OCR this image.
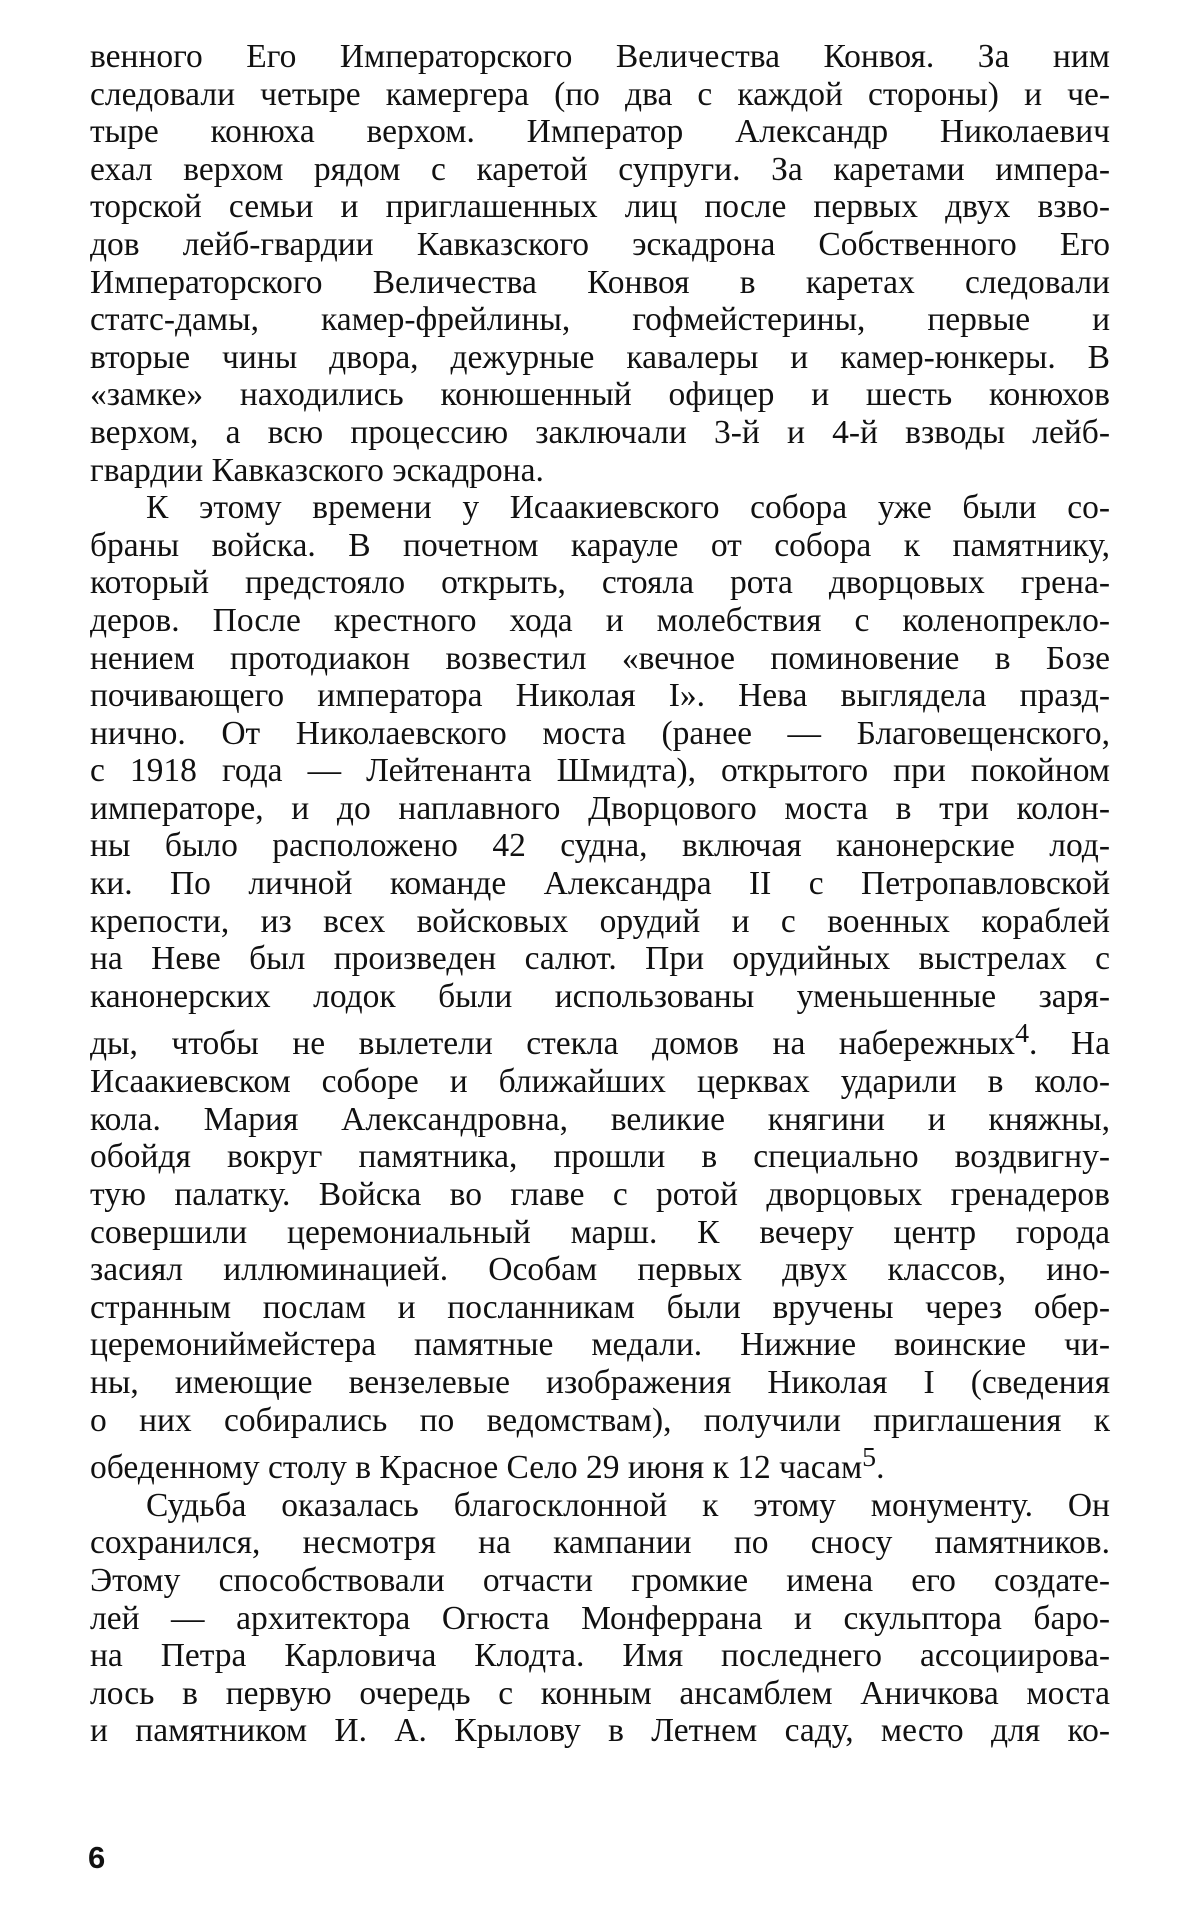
венного Его Императорского Величества Конвоя. За ним

следовали четыре камергера (по два с каждой стороны) и че-

тыре конюха верхом. Император Александр Николаевич

ехал верхом рядом с каретой супруги. За каретами импера-

торской семьи и приглашенных лиц после первых двух взво-

дов лейб-гвардии Кавказского эскадрона Собственного Его

Императорского Величества Конвоя в каретах следовали

статс-дамы, камер-фрейлины, гофмейстерины, первые и

вторые чины двора, дежурные кавалеры и камер-юнкеры. В

«замке» находились конюшенный офицер и шесть конюхов

верхом, а всю процессию заключали 3-й и 4-й взводы лейб-

гвардии Кавказского эскадрона.

К этому времени у Исаакиевского собора уже были со-

браны войска. В почетном карауле от собора к памятнику,

который предстояло открыть, стояла рота дворцовых грена-

деров. После крестного хода и молебствия с коленопрекло-

нением протодиакон возвестил «вечное поминовение в Бозе

почивающего императора Николая I». Нева выглядела празд-

нично. От Николаевского моста (ранее — Благовещенского,

с 1918 года — Лейтенанта Шмидта), открытого при покойном

императоре, и до наплавного Дворцового моста в три колон-

ны было расположено 42 судна, включая канонерские лод-

ки. По личной команде Александра II с Петропавловской

крепости, из всех войсковых орудий и с военных кораблей

на Неве был произведен салют. При орудийных выстрелах с

канонерских лодок были использованы уменьшенные заря-

ды, чтобы не вылетели стекла домов на набережных$^4$. На

Исаакиевском соборе и ближайших церквах ударили в коло-

кола. Мария Александровна, великие княгини и княжны,

обойдя вокруг памятника, прошли в специально воздвигну-

тую палатку. Войска во главе с ротой дворцовых гренадеров

совершили церемониальный марш. К вечеру центр города

засиял иллюминацией. Особам первых двух классов, ино-

странным послам и посланникам были вручены через обер-

церемониймейстера памятные медали. Нижние воинские чи-

ны, имеющие вензелевые изображения Николая I (сведения

о них собирались по ведомствам), получили приглашения к

обеденному столу в Красное Село 29 июня к 12 часам$^5$.

Судьба оказалась благосклонной к этому монументу. Он

сохранился, несмотря на кампании по сносу памятников.

Этому способствовали отчасти громкие имена его создате-

лей — архитектора Огюста Монферрана и скульптора баро-

на Петра Карловича Клодта. Имя последнего ассоциирова-

лось в первую очередь с конным ансамблем Аничкова моста

и памятником И. А. Крылову в Летнем саду, место для ко-

6
